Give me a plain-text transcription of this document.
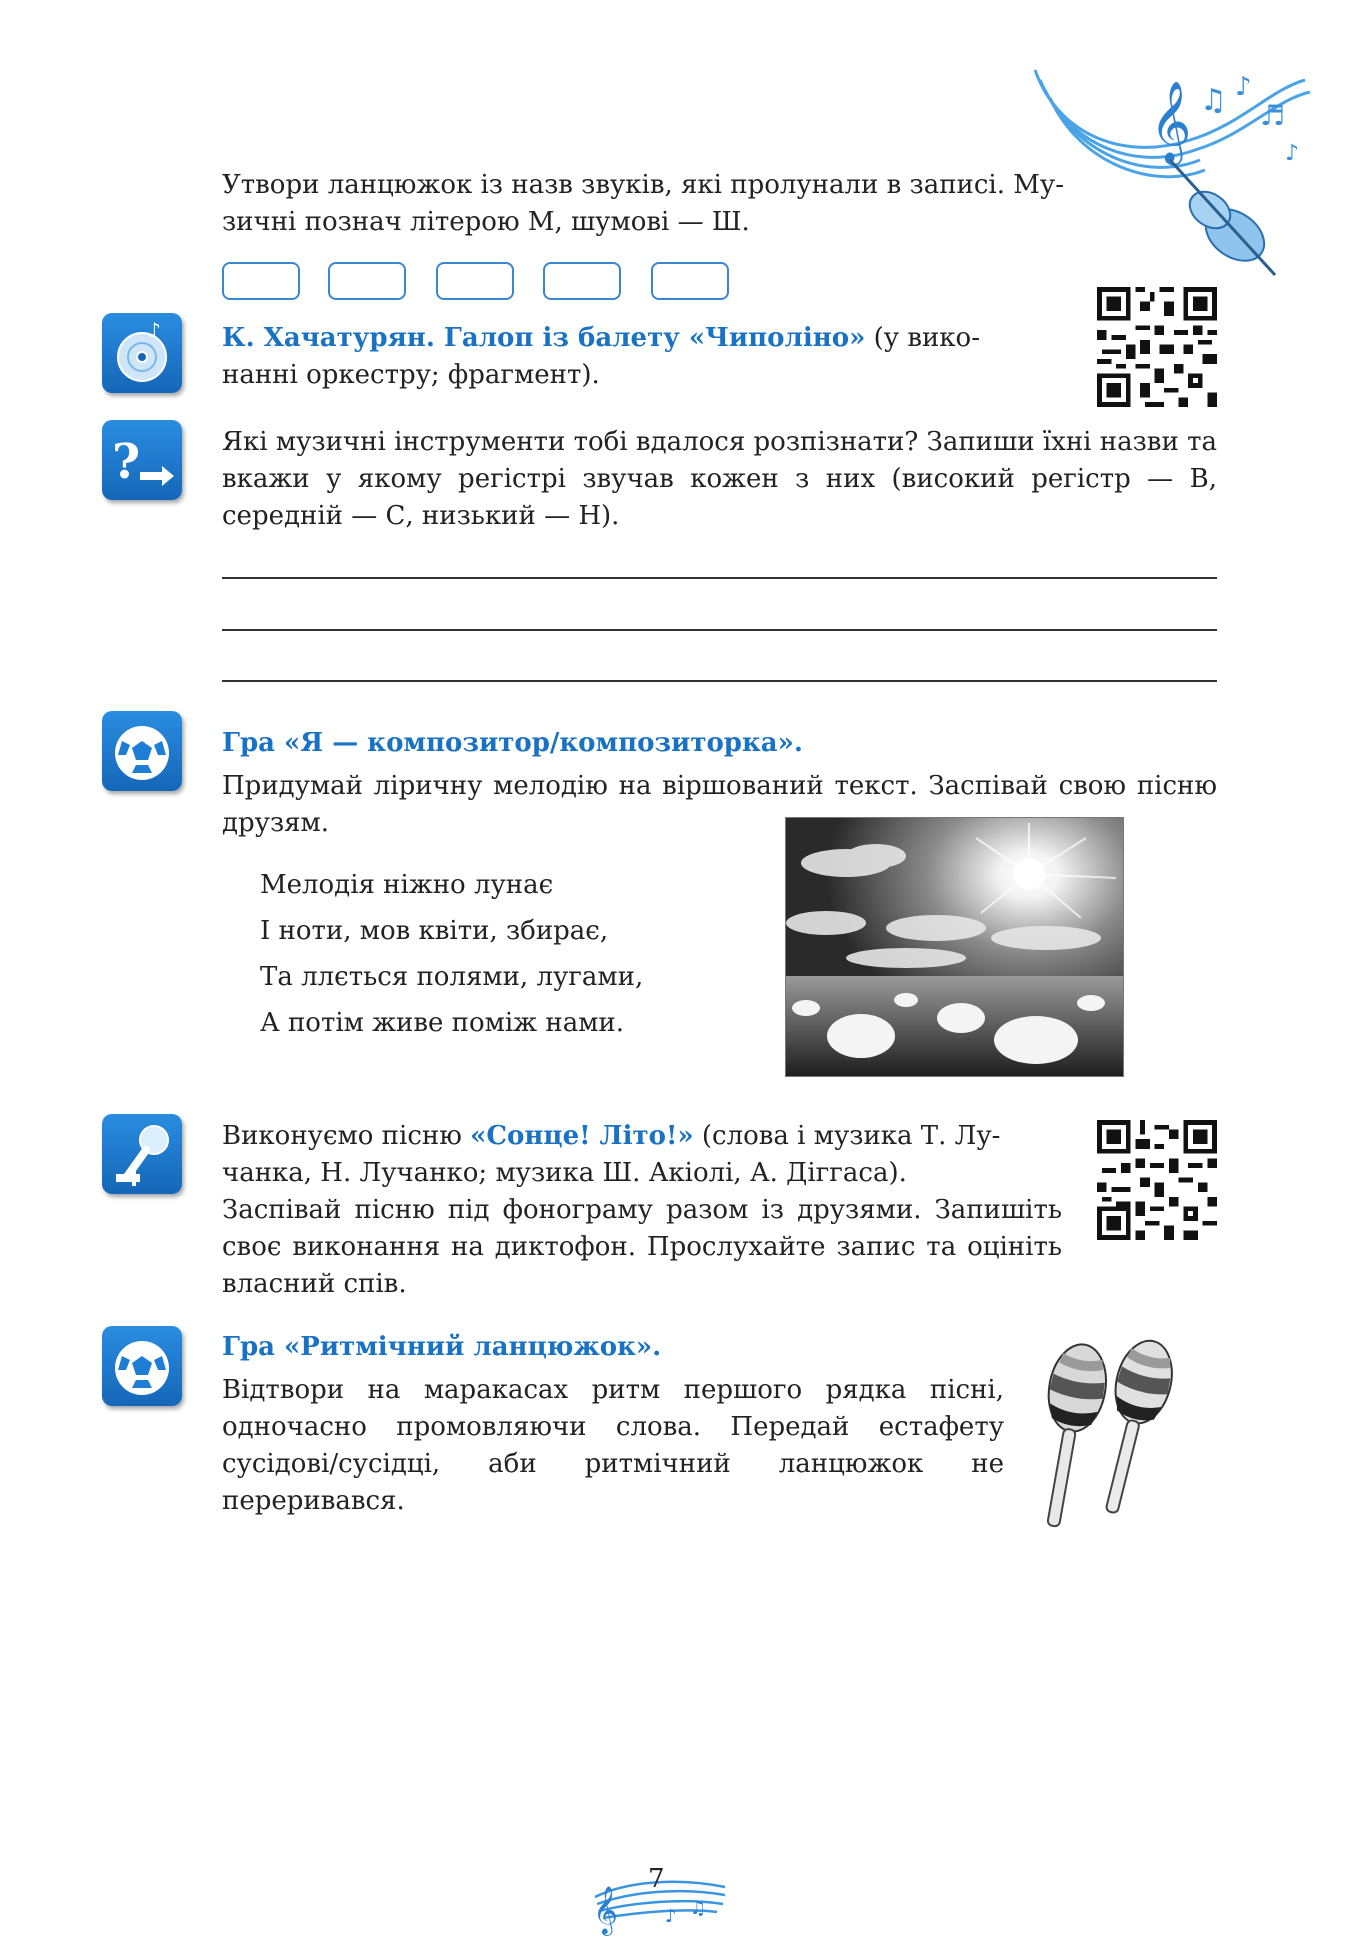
𝄞 ♫ ♪
♬
♪
Утвори ланцюжок із назв звуків, які пролунали в записі. Му-
зичні познач літерою М, шумові — Ш.
♪ К. Хачатурян. Галоп із балету «Чиполіно» (у вико-
нанні оркестру; фрагмент).
?	Які музичні інструменти тобі вдалося розпізнати? Запиши їхні назви та вкажи у якому регістрі звучав кожен з них (високий регістр — В, середній — С, низький — Н).
Гра «Я — композитор/композиторка».
Придумай ліричну мелодію на віршований текст. Заспівай свою пісню друзям.
Мелодія ніжно лунає
І ноти, мов квіти, збирає,
Та ллється полями, лугами,
А потім живе поміж нами.
Виконуємо пісню «Сонце! Літо!» (слова і музика Т. Лу-
чанка, Н. Лучанко; музика Ш. Акіолі, А. Діггаса).
Заспівай пісню під фонограму разом із друзями. Запишіть своє виконання на диктофон. Прослухайте запис та оцініть власний спів.
Гра «Ритмічний ланцюжок».
Відтвори на маракасах ритм першого рядка пісні, одночасно промовляючи слова. Передай естафету сусідові/сусідці, аби ритмічний ланцюжок не переривався.
𝄞	♪ ♫
7
